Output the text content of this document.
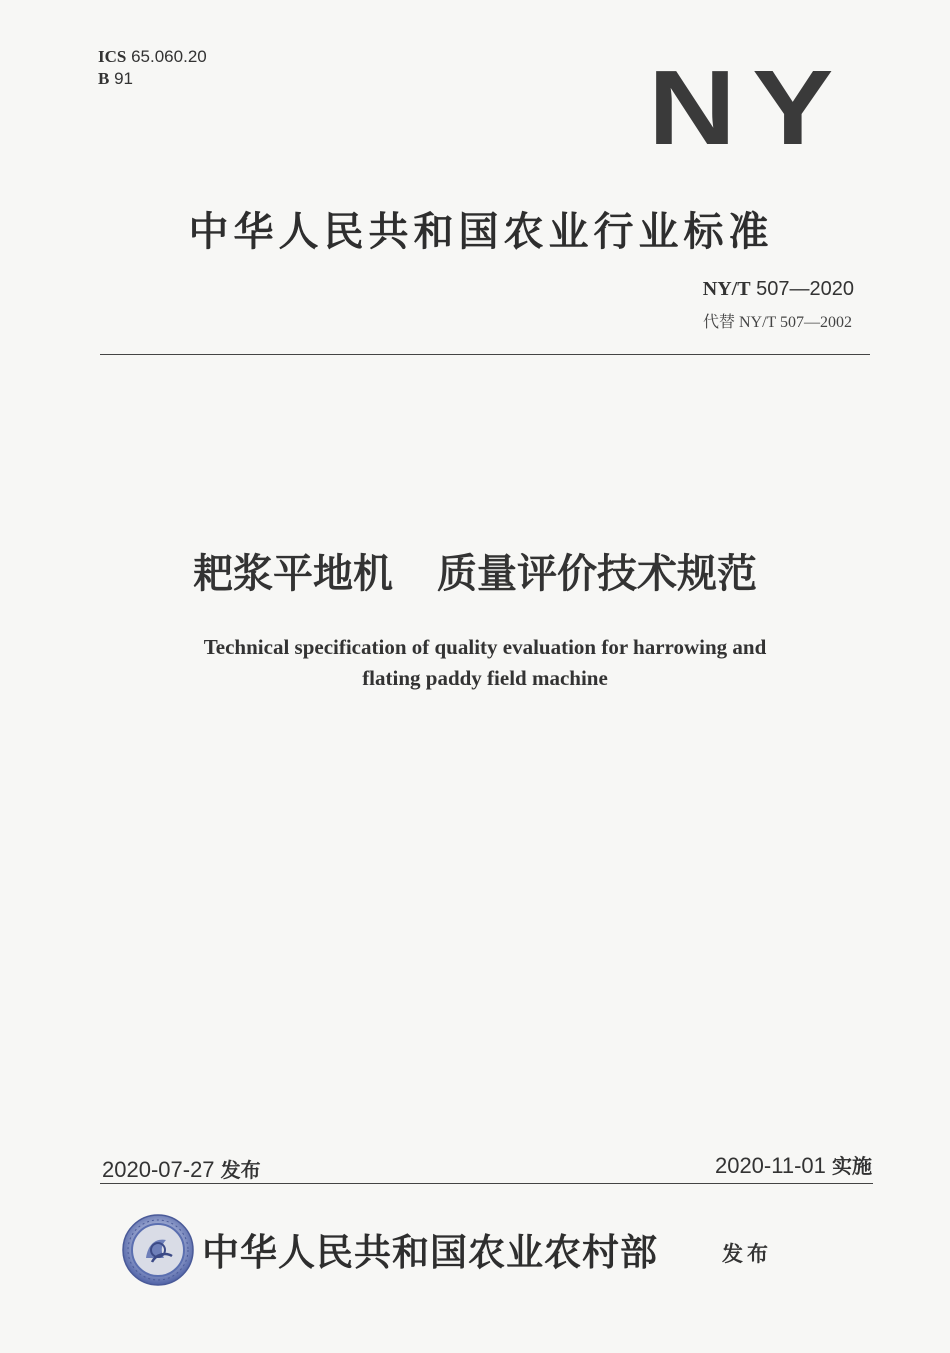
ICS 65.060.20
B 91	NY
中华人民共和国农业行业标准
NY/T 507—2020
代替 NY/T 507—2002
耙浆平地机 质量评价技术规范
Technical specification of quality evaluation for harrowing and
flating paddy field machine
2020-07-27 发布	2020-11-01 实施
中华人民共和国农业农村部	发布
